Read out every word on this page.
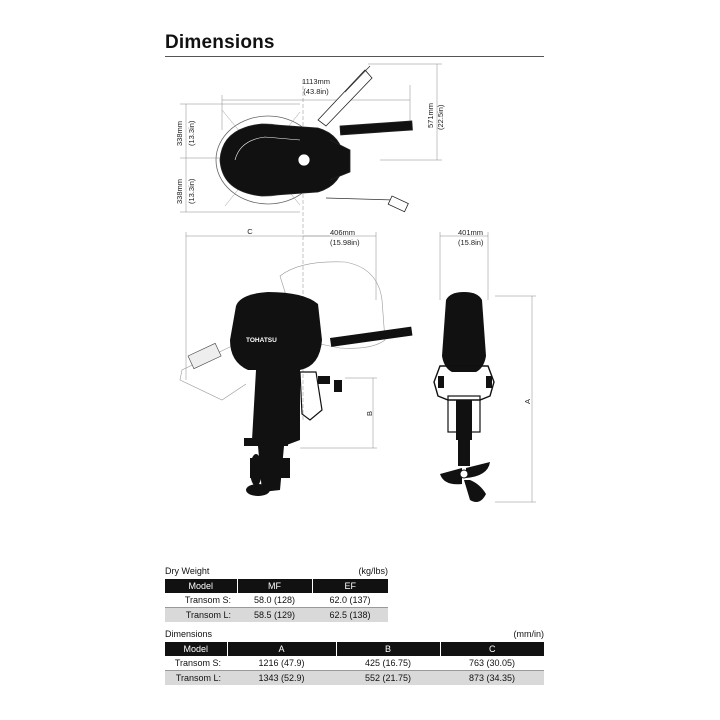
Dimensions
TOHATSU
1113mm
(43.8in)
571mm (22.5in)
338mm (13.3in)
338mm (13.3in)
C	406mm
(15.98in)
401mm
(15.8in)
B
A
Dry Weight	(kg/lbs)
Model	MF	EF
Transom S:	58.0 (128)	62.0 (137)
Transom L:	58.5 (129)	62.5 (138)
Dimensions	(mm/in)
Model	A	B	C
Transom S:	1216 (47.9)	425 (16.75)	763 (30.05)
Transom L:	1343 (52.9)	552 (21.75)	873 (34.35)
